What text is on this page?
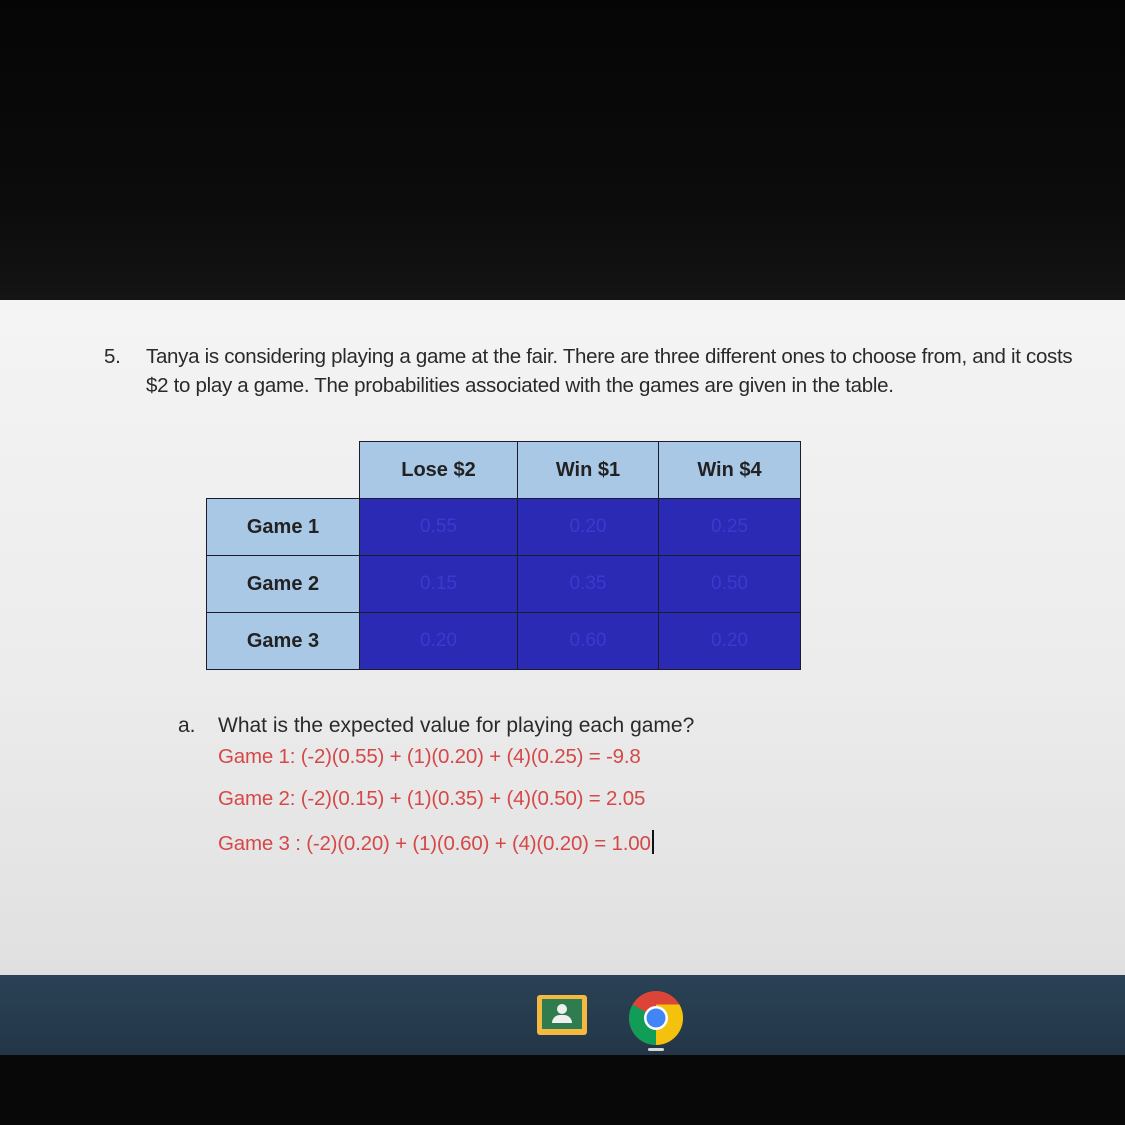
5. Tanya is considering playing a game at the fair. There are three different ones to choose from, and it costs $2 to play a game. The probabilities associated with the games are given in the table.
	Lose $2	Win $1	Win $4
Game 1	0.55	0.20	0.25
Game 2	0.15	0.35	0.50
Game 3	0.20	0.60	0.20
a. What is the expected value for playing each game?
Game 1: (-2)(0.55) + (1)(0.20) + (4)(0.25) = -9.8
Game 2: (-2)(0.15) + (1)(0.35) + (4)(0.50) = 2.05
Game 3 : (-2)(0.20) + (1)(0.60) + (4)(0.20) = 1.00
